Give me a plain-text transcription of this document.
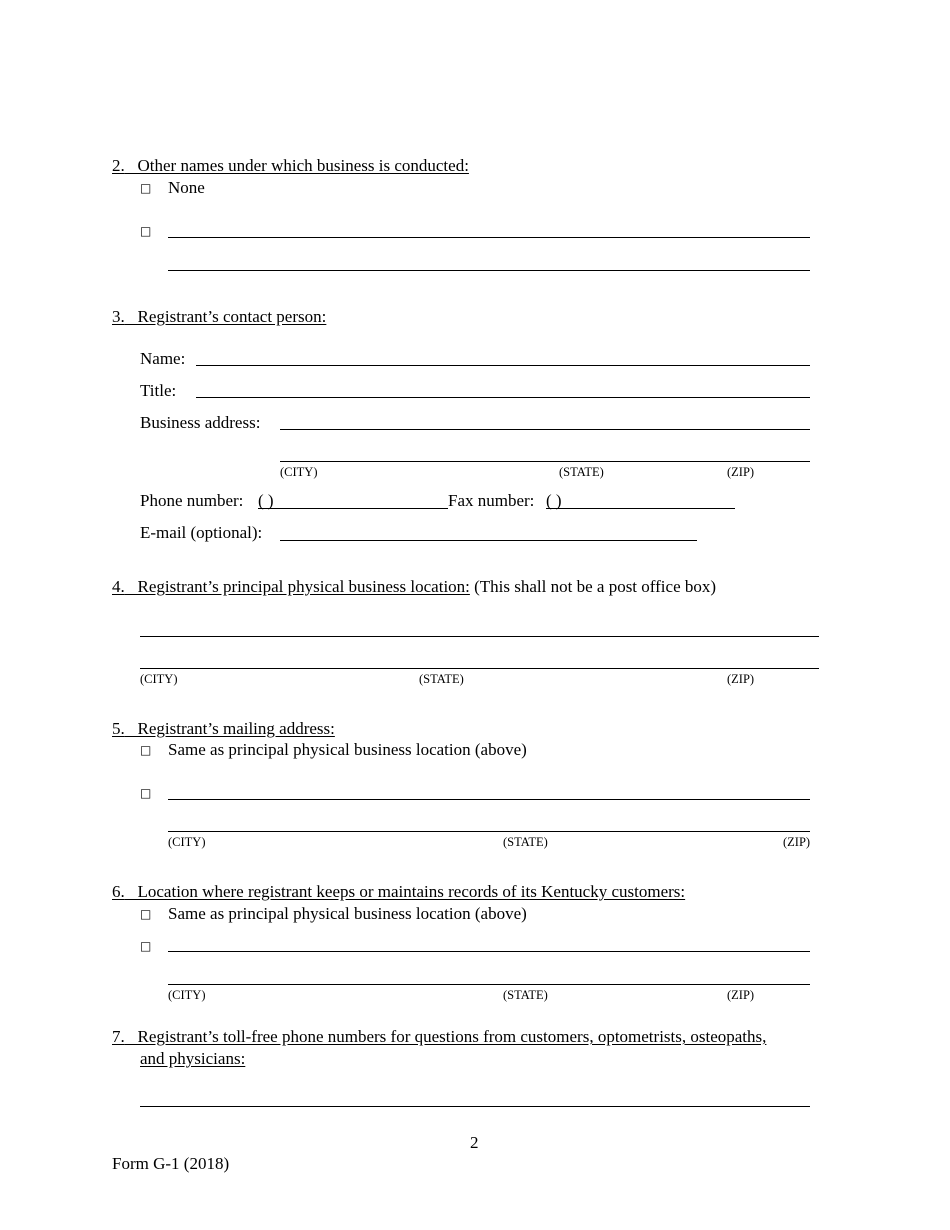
2. Other names under which business is conducted:
□ None
□
3. Registrant’s contact person:
Name:
Title:
Business address:
(CITY)	(STATE)	(ZIP)
Phone number: ( )	Fax number: ( )
E-mail (optional):
4. Registrant’s principal physical business location: (This shall not be a post office box)
(CITY)	(STATE)	(ZIP)
5. Registrant’s mailing address:
□ Same as principal physical business location (above)
□
(CITY)	(STATE)	(ZIP)
6. Location where registrant keeps or maintains records of its Kentucky customers:
□ Same as principal physical business location (above)
□
(CITY)	(STATE)	(ZIP)
7. Registrant’s toll-free phone numbers for questions from customers, optometrists, osteopaths,
and physicians:
2
Form G-1 (2018)
